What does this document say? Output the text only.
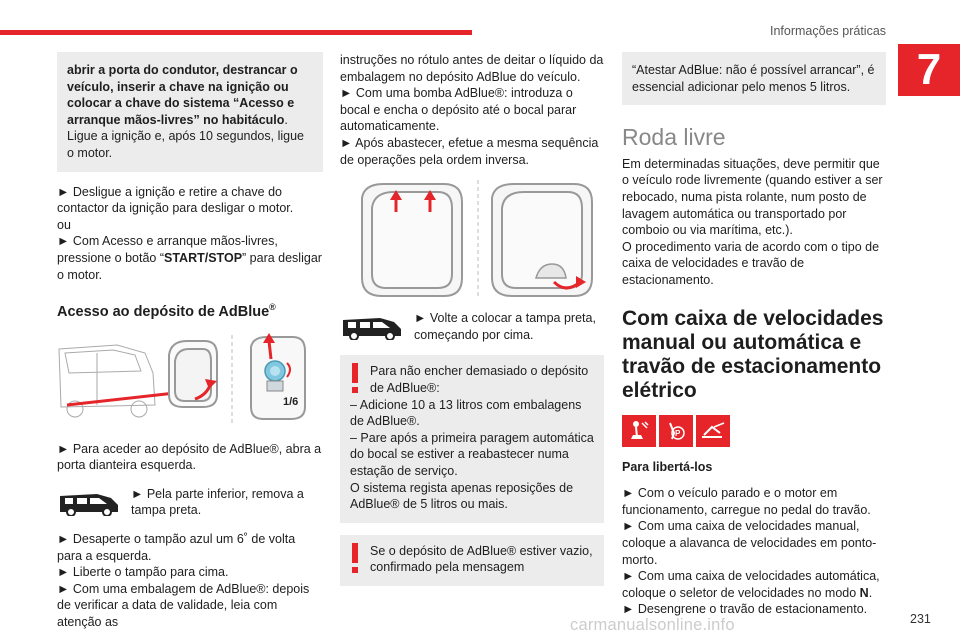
Informações práticas
7

abrir a porta do condutor, destrancar o veículo, inserir a chave na ignição ou colocar a chave do sistema “Acesso e arranque mãos-livres” no habitáculo.

Ligue a ignição e, após 10 segundos, ligue o motor.

► Desligue a ignição e retire a chave do contactor da ignição para desligar o motor.

ou

► Com Acesso e arranque mãos-livres, pressione o botão “START/STOP” para desligar o motor.

Acesso ao depósito de AdBlue®
1/6

► Para aceder ao depósito de AdBlue®, abra a porta dianteira esquerda.

► Pela parte inferior, remova a tampa preta.

► Desaperte o tampão azul um 6˚ de volta para a esquerda.

► Liberte o tampão para cima.

► Com uma embalagem de AdBlue®: depois de verificar a data de validade, leia com atenção as

instruções no rótulo antes de deitar o líquido da embalagem no depósito AdBlue do veículo.

► Com uma bomba AdBlue®: introduza o bocal e encha o depósito até o bocal parar automaticamente.

► Após abastecer, efetue a mesma sequência de operações pela ordem inversa.

► Volte a colocar a tampa preta, começando por cima.

Para não encher demasiado o depósito de AdBlue®:

– Adicione 10 a 13 litros com embalagens de AdBlue®.

– Pare após a primeira paragem automática do bocal se estiver a reabastecer numa estação de serviço.

O sistema regista apenas reposições de AdBlue® de 5 litros ou mais.

Se o depósito de AdBlue® estiver vazio, confirmado pela mensagem

“Atestar AdBlue: não é possível arrancar”, é essencial adicionar pelo menos 5 litros.

Roda livre

Em determinadas situações, deve permitir que o veículo rode livremente (quando estiver a ser rebocado, numa pista rolante, num posto de lavagem automática ou transportado por comboio ou via marítima, etc.).

O procedimento varia de acordo com o tipo de caixa de velocidades e travão de estacionamento.

Com caixa de velocidades manual ou automática e travão de estacionamento elétrico
P

Para libertá-los

► Com o veículo parado e o motor em funcionamento, carregue no pedal do travão.

► Com uma caixa de velocidades manual, coloque a alavanca de velocidades em ponto-morto.

► Com uma caixa de velocidades automática, coloque o seletor de velocidades no modo N.

► Desengrene o travão de estacionamento.

carmanualsonline.info	231
